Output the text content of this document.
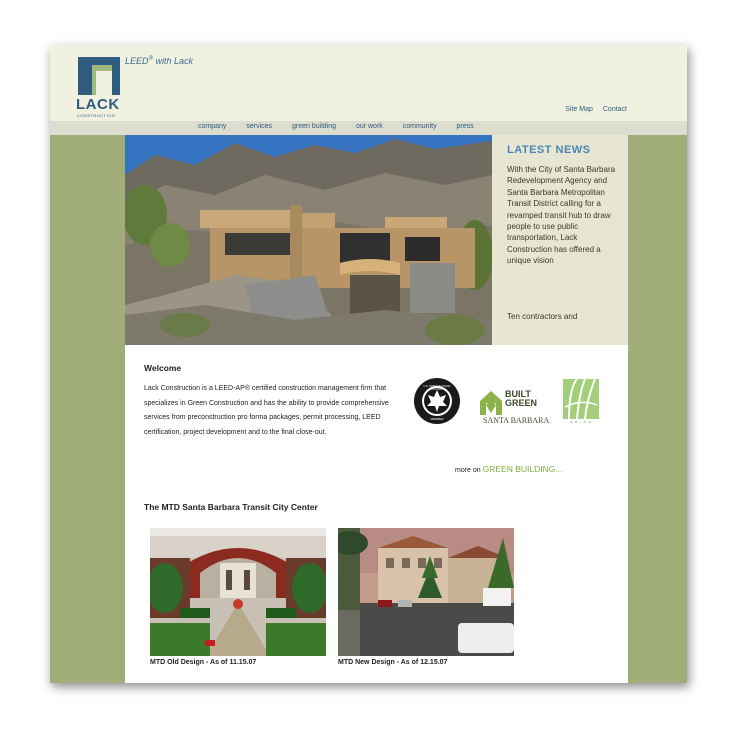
LACK
CONSTRUCTION
LEED® with Lack
Site Map Contact
company	services	green building	our work	community	press
LATEST NEWS
With the City of Santa Barbara Redevelopment Agency and Santa Barbara Metropolitan Transit District calling for a revamped transit hub to draw people to use public transportation, Lack Construction has offered a unique vision
Ten contractors and
Welcome
Lack Construction is a LEED-AP® certified construction management firm that specializes in Green Construction and has the ability to provide comprehensive services from preconstruction pro forma packages, permit processing, LEED certification, project development and to the final close-out.
MEMBER
U.S. GREEN BUILDING COUNCIL	BUILT
GREEN
SANTA BARBARA	S B I N E
more on GREEN BUILDING...
The MTD Santa Barbara Transit City Center
MTD Old Design - As of 11.15.07	MTD New Design - As of 12.15.07
